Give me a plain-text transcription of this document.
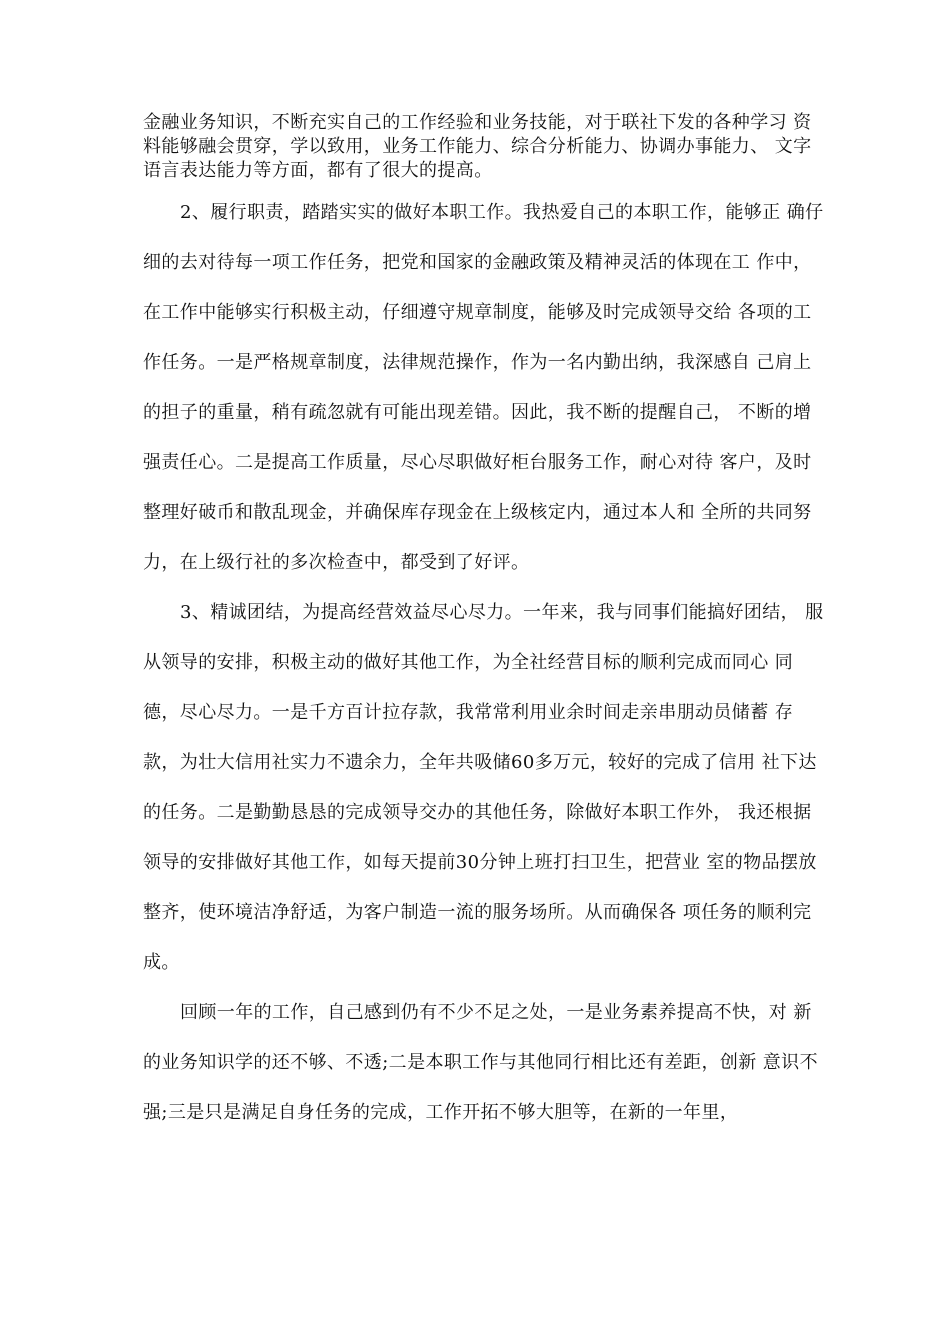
金融业务知识，不断充实自己的工作经验和业务技能，对于联社下发的各种学习 资
料能够融会贯穿，学以致用，业务工作能力、综合分析能力、协调办事能力、 文字
语言表达能力等方面，都有了很大的提高。
2、履行职责，踏踏实实的做好本职工作。我热爱自己的本职工作，能够正 确仔
细的去对待每一项工作任务，把党和国家的金融政策及精神灵活的体现在工 作中，
在工作中能够实行积极主动，仔细遵守规章制度，能够及时完成领导交给 各项的工
作任务。一是严格规章制度，法律规范操作，作为一名内勤出纳，我深感自 己肩上
的担子的重量，稍有疏忽就有可能出现差错。因此，我不断的提醒自己， 不断的增
强责任心。二是提高工作质量，尽心尽职做好柜台服务工作，耐心对待 客户，及时
整理好破币和散乱现金，并确保库存现金在上级核定内，通过本人和 全所的共同努
力，在上级行社的多次检查中，都受到了好评。
3、精诚团结，为提高经营效益尽心尽力。一年来，我与同事们能搞好团结， 服
从领导的安排，积极主动的做好其他工作，为全社经营目标的顺利完成而同心 同
德，尽心尽力。一是千方百计拉存款，我常常利用业余时间走亲串朋动员储蓄 存
款，为壮大信用社实力不遗余力，全年共吸储60多万元，较好的完成了信用 社下达
的任务。二是勤勤恳恳的完成领导交办的其他任务，除做好本职工作外， 我还根据
领导的安排做好其他工作，如每天提前30分钟上班打扫卫生，把营业 室的物品摆放
整齐，使环境洁净舒适，为客户制造一流的服务场所。从而确保各 项任务的顺利完
成。
回顾一年的工作，自己感到仍有不少不足之处，一是业务素养提高不快，对 新
的业务知识学的还不够、不透;二是本职工作与其他同行相比还有差距，创新 意识不
强;三是只是满足自身任务的完成，工作开拓不够大胆等，在新的一年里，
